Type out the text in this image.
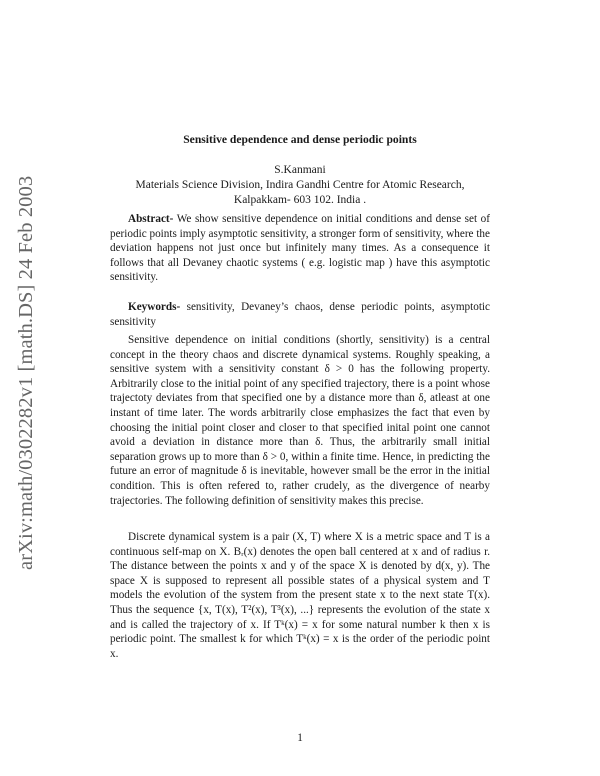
arXiv:math/0302282v1 [math.DS] 24 Feb 2003
Sensitive dependence and dense periodic points
S.Kanmani
Materials Science Division, Indira Gandhi Centre for Atomic Research,
Kalpakkam- 603 102. India .

Abstract- We show sensitive dependence on initial conditions and dense set of periodic points imply asymptotic sensitivity, a stronger form of sensitivity, where the deviation happens not just once but infinitely many times. As a consequence it follows that all Devaney chaotic systems ( e.g. logistic map ) have this asymptotic sensitivity.

Keywords- sensitivity, Devaney’s chaos, dense periodic points, asymptotic sensitivity

Sensitive dependence on initial conditions (shortly, sensitivity) is a central concept in the theory chaos and discrete dynamical systems. Roughly speaking, a sensitive system with a sensitivity constant δ > 0 has the following property. Arbitrarily close to the initial point of any specified trajectory, there is a point whose trajectoty deviates from that specified one by a distance more than δ, atleast at one instant of time later. The words arbitrarily close emphasizes the fact that even by choosing the initial point closer and closer to that specified inital point one cannot avoid a deviation in distance more than δ. Thus, the arbitrarily small initial separation grows up to more than δ > 0, within a finite time. Hence, in predicting the future an error of magnitude δ is inevitable, however small be the error in the initial condition. This is often refered to, rather crudely, as the divergence of nearby trajectories. The following definition of sensitivity makes this precise.

Discrete dynamical system is a pair (X, T) where X is a metric space and T is a continuous self-map on X. Bᵣ(x) denotes the open ball centered at x and of radius r. The distance between the points x and y of the space X is denoted by d(x, y). The space X is supposed to represent all possible states of a physical system and T models the evolution of the system from the present state x to the next state T(x). Thus the sequence {x, T(x), T²(x), T³(x), ...} represents the evolution of the state x and is called the trajectory of x. If Tᵏ(x) = x for some natural number k then x is periodic point. The smallest k for which Tᵏ(x) = x is the order of the periodic point x.

1
